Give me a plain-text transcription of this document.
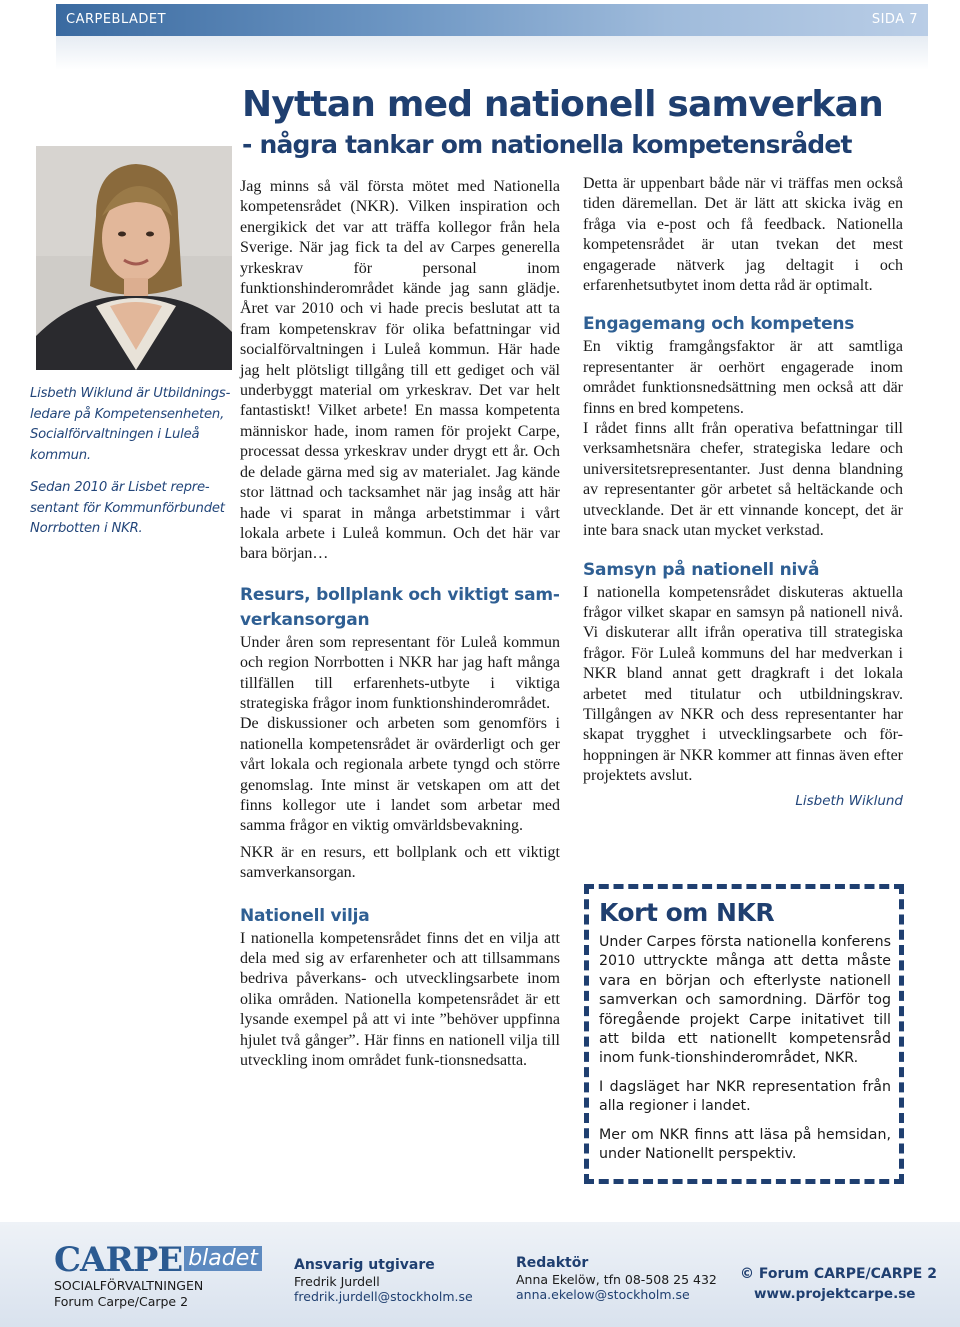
CARPEBLADET	SIDA 7
Nyttan med nationell samverkan
- några tankar om nationella kompetensrådet

Lisbeth Wiklund är Utbildnings-ledare på Kompetensenheten, Socialförvaltningen i Luleå kommun.

Sedan 2010 är Lisbet repre-sentant för Kommunförbundet Norrbotten i NKR.

Jag minns så väl första mötet med Nationella kompetensrådet (NKR). Vilken inspiration och energikick det var att träffa kollegor från hela Sverige. När jag fick ta del av Carpes generella yrkeskrav för personal inom funktionshinderområdet kände jag sann glädje. Året var 2010 och vi hade precis beslutat att ta fram kompetenskrav för olika befattningar vid socialförvaltningen i Luleå kommun. Här hade jag helt plötsligt tillgång till ett gediget och väl underbyggt material om yrkeskrav. Det var helt fantastiskt! Vilket arbete! En massa kompetenta människor hade, inom ramen för projekt Carpe, processat dessa yrkeskrav under drygt ett år. Och de delade gärna med sig av materialet. Jag kände stor lättnad och tacksamhet när jag insåg att här hade vi sparat in många arbetstimmar i vårt lokala arbete i Luleå kommun. Och det här var bara början…

Resurs, bollplank och viktigt sam-verkansorgan

Under åren som representant för Luleå kommun och region Norrbotten i NKR har jag haft många tillfällen till erfarenhets-utbyte i viktiga strategiska frågor inom funktionshinderområdet.

De diskussioner och arbeten som genomförs i nationella kompetensrådet är ovärderligt och ger vårt lokala och regionala arbete tyngd och större genomslag. Inte minst är vetskapen om att det finns kollegor ute i landet som arbetar med samma frågor en viktig omvärldsbevakning.

NKR är en resurs, ett bollplank och ett viktigt samverkansorgan.

Nationell vilja

I nationella kompetensrådet finns det en vilja att dela med sig av erfarenheter och att tillsammans bedriva påverkans- och utvecklingsarbete inom olika områden. Nationella kompetensrådet är ett lysande exempel på att vi inte ”behöver uppfinna hjulet två gånger”. Här finns en nationell vilja till utveckling inom området funk-tionsnedsatta.

Detta är uppenbart både när vi träffas men också tiden däremellan. Det är lätt att skicka iväg en fråga via e-post och få feedback. Nationella kompetensrådet är utan tvekan det mest engagerade nätverk jag deltagit i och erfarenhetsutbytet inom detta råd är optimalt.

Engagemang och kompetens

En viktig framgångsfaktor är att samtliga representanter är oerhört engagerade inom området funktionsnedsättning men också att där finns en bred kompetens.

I rådet finns allt från operativa befattningar till verksamhetsnära chefer, strategiska ledare och universitetsrepresentanter. Just denna blandning av representanter gör arbetet så heltäckande och utvecklande. Det är ett vinnande koncept, det är inte bara snack utan mycket verkstad.

Samsyn på nationell nivå

I nationella kompetensrådet diskuteras aktuella frågor vilket skapar en samsyn på nationell nivå. Vi diskuterar allt ifrån operativa till strategiska frågor. För Luleå kommuns del har medverkan i NKR bland annat gett dragkraft i det lokala arbetet med titulatur och utbildningskrav. Tillgången av NKR och dess representanter har skapat trygghet i utvecklingsarbete och för-hoppningen är NKR kommer att finnas även efter projektets avslut.

Lisbeth Wiklund
Kort om NKR

Under Carpes första nationella konferens 2010 uttryckte många att detta måste vara en början och efterlyste nationell samverkan och samordning. Därför tog föregående projekt Carpe initativet till att bilda ett nationellt kompetensråd inom funk-tionshinderområdet, NKR.

I dagsläget har NKR representation från alla regioner i landet.

Mer om NKR finns att läsa på hemsidan, under Nationellt perspektiv.

CARPE bladet
SOCIALFÖRVALTNINGEN
Forum Carpe/Carpe 2
Ansvarig utgivare
Fredrik Jurdell
fredrik.jurdell@stockholm.se
Redaktör
Anna Ekelöw, tfn 08-508 25 432
anna.ekelow@stockholm.se
© Forum CARPE/CARPE 2
www.projektcarpe.se
